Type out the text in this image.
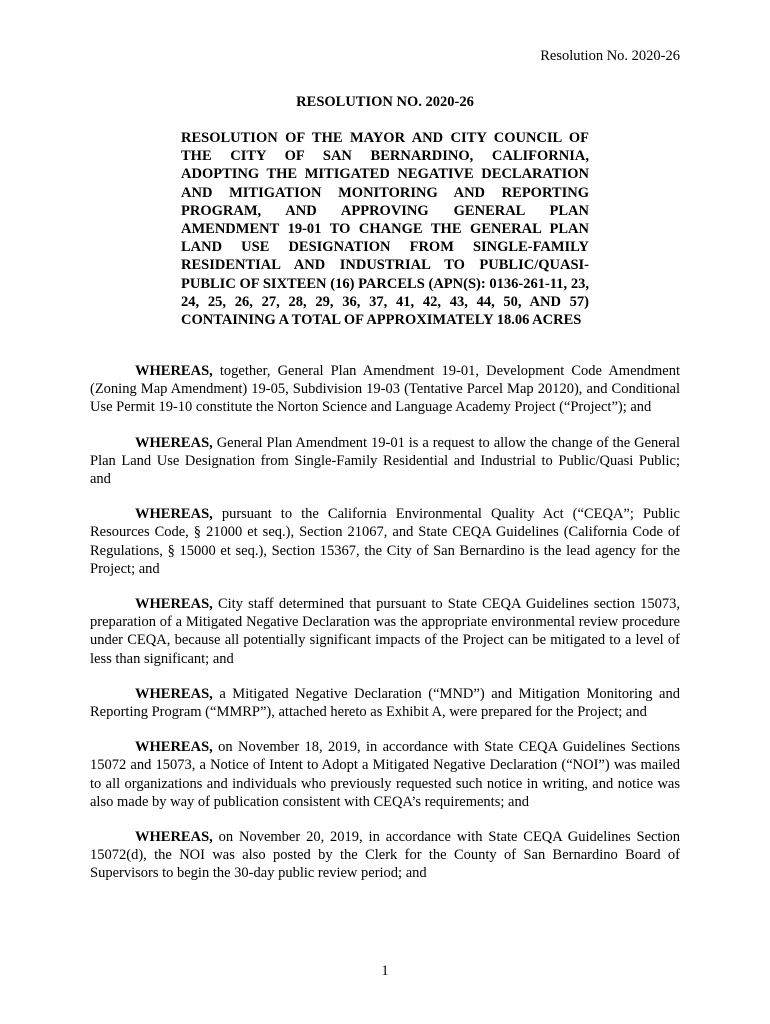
Resolution No. 2020-26
RESOLUTION NO. 2020-26
RESOLUTION OF THE MAYOR AND CITY COUNCIL OF THE CITY OF SAN BERNARDINO, CALIFORNIA, ADOPTING THE MITIGATED NEGATIVE DECLARATION AND MITIGATION MONITORING AND REPORTING PROGRAM, AND APPROVING GENERAL PLAN AMENDMENT 19-01 TO CHANGE THE GENERAL PLAN LAND USE DESIGNATION FROM SINGLE-FAMILY RESIDENTIAL AND INDUSTRIAL TO PUBLIC/QUASI-PUBLIC OF SIXTEEN (16) PARCELS (APN(S): 0136-261-11, 23, 24, 25, 26, 27, 28, 29, 36, 37, 41, 42, 43, 44, 50, AND 57) CONTAINING A TOTAL OF APPROXIMATELY 18.06 ACRES

WHEREAS, together, General Plan Amendment 19-01, Development Code Amendment (Zoning Map Amendment) 19-05, Subdivision 19-03 (Tentative Parcel Map 20120), and Conditional Use Permit 19-10 constitute the Norton Science and Language Academy Project (“Project”); and

WHEREAS, General Plan Amendment 19-01 is a request to allow the change of the General Plan Land Use Designation from Single-Family Residential and Industrial to Public/Quasi Public; and

WHEREAS, pursuant to the California Environmental Quality Act (“CEQA”; Public Resources Code, § 21000 et seq.), Section 21067, and State CEQA Guidelines (California Code of Regulations, § 15000 et seq.), Section 15367, the City of San Bernardino is the lead agency for the Project; and

WHEREAS, City staff determined that pursuant to State CEQA Guidelines section 15073, preparation of a Mitigated Negative Declaration was the appropriate environmental review procedure under CEQA, because all potentially significant impacts of the Project can be mitigated to a level of less than significant; and

WHEREAS, a Mitigated Negative Declaration (“MND”) and Mitigation Monitoring and Reporting Program (“MMRP”), attached hereto as Exhibit A, were prepared for the Project; and

WHEREAS, on November 18, 2019, in accordance with State CEQA Guidelines Sections 15072 and 15073, a Notice of Intent to Adopt a Mitigated Negative Declaration (“NOI”) was mailed to all organizations and individuals who previously requested such notice in writing, and notice was also made by way of publication consistent with CEQA’s requirements; and

WHEREAS, on November 20, 2019, in accordance with State CEQA Guidelines Section 15072(d), the NOI was also posted by the Clerk for the County of San Bernardino Board of Supervisors to begin the 30-day public review period; and

1
